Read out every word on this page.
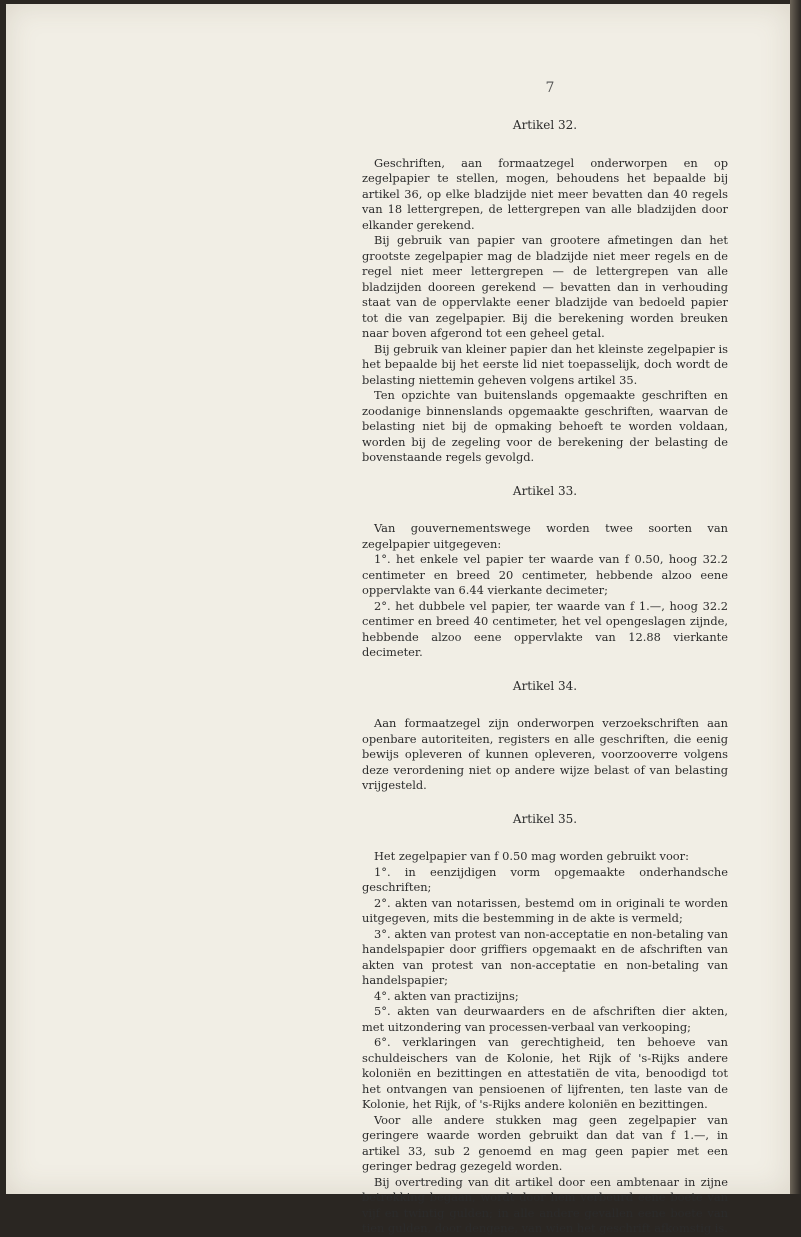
7
Artikel 32.

Geschriften, aan formaatzegel onderworpen en op zegelpapier te stellen, mogen, behoudens het bepaalde bij artikel 36, op elke bladzijde niet meer bevatten dan 40 regels van 18 lettergrepen, de lettergrepen van alle bladzijden door elkander gerekend.

Bij gebruik van papier van grootere afmetingen dan het grootste zegelpapier mag de bladzijde niet meer regels en de regel niet meer lettergrepen — de lettergrepen van alle bladzijden dooreen gerekend — bevatten dan in verhouding staat van de oppervlakte eener bladzijde van bedoeld papier tot die van zegelpapier. Bij die berekening worden breuken naar boven afgerond tot een geheel getal.

Bij gebruik van kleiner papier dan het kleinste zegelpapier is het bepaalde bij het eerste lid niet toepasselijk, doch wordt de belasting niettemin geheven volgens artikel 35.

Ten opzichte van buitenslands opgemaakte geschriften en zoodanige binnenslands opgemaakte geschriften, waarvan de belasting niet bij de opmaking behoeft te worden voldaan, worden bij de zegeling voor de berekening der belasting de bovenstaande regels gevolgd.

Artikel 33.

Van gouvernementswege worden twee soorten van zegelpapier uitgegeven:

1°. het enkele vel papier ter waarde van f 0.50, hoog 32.2 centimeter en breed 20 centimeter, hebbende alzoo eene oppervlakte van 6.44 vierkante decimeter;

2°. het dubbele vel papier, ter waarde van f 1.—, hoog 32.2 centimer en breed 40 centimeter, het vel opengeslagen zijnde, hebbende alzoo eene oppervlakte van 12.88 vierkante decimeter.

Artikel 34.

Aan formaatzegel zijn onderworpen verzoekschriften aan openbare autoriteiten, registers en alle geschriften, die eenig bewijs opleveren of kunnen opleveren, voorzooverre volgens deze verordening niet op andere wijze belast of van belasting vrijgesteld.

Artikel 35.

Het zegelpapier van f 0.50 mag worden gebruikt voor:

1°. in eenzijdigen vorm opgemaakte onderhandsche geschriften;

2°. akten van notarissen, bestemd om in originali te worden uitgegeven, mits die bestemming in de akte is vermeld;

3°. akten van protest van non-acceptatie en non-betaling van handelspapier door griffiers opgemaakt en de afschriften van akten van protest van non-acceptatie en non-betaling van handelspapier;

4°. akten van practizijns;

5°. akten van deurwaarders en de afschriften dier akten, met uitzondering van processen-verbaal van verkooping;

6°. verklaringen van gerechtigheid, ten behoeve van schuldeischers van de Kolonie, het Rijk of 's-Rijks andere koloniën en bezittingen en attestatiën de vita, benoodigd tot het ontvangen van pensioenen of lijfrenten, ten laste van de Kolonie, het Rijk, of 's-Rijks andere koloniën en bezittingen.

Voor alle andere stukken mag geen zegelpapier van geringere waarde worden gebruikt dan dat van f 1.—, in artikel 33, sub 2 genoemd en mag geen papier met een geringer bedrag gezegeld worden.

Bij overtreding van dit artikel door een ambtenaar in zijne betrekking begaan, wordt door hem verbeurd eene boete van vijf en twintig gulden; in alle andere gevallen eene boete van tien gulden, door dengene, van wien het geschrift afkomstig is.
